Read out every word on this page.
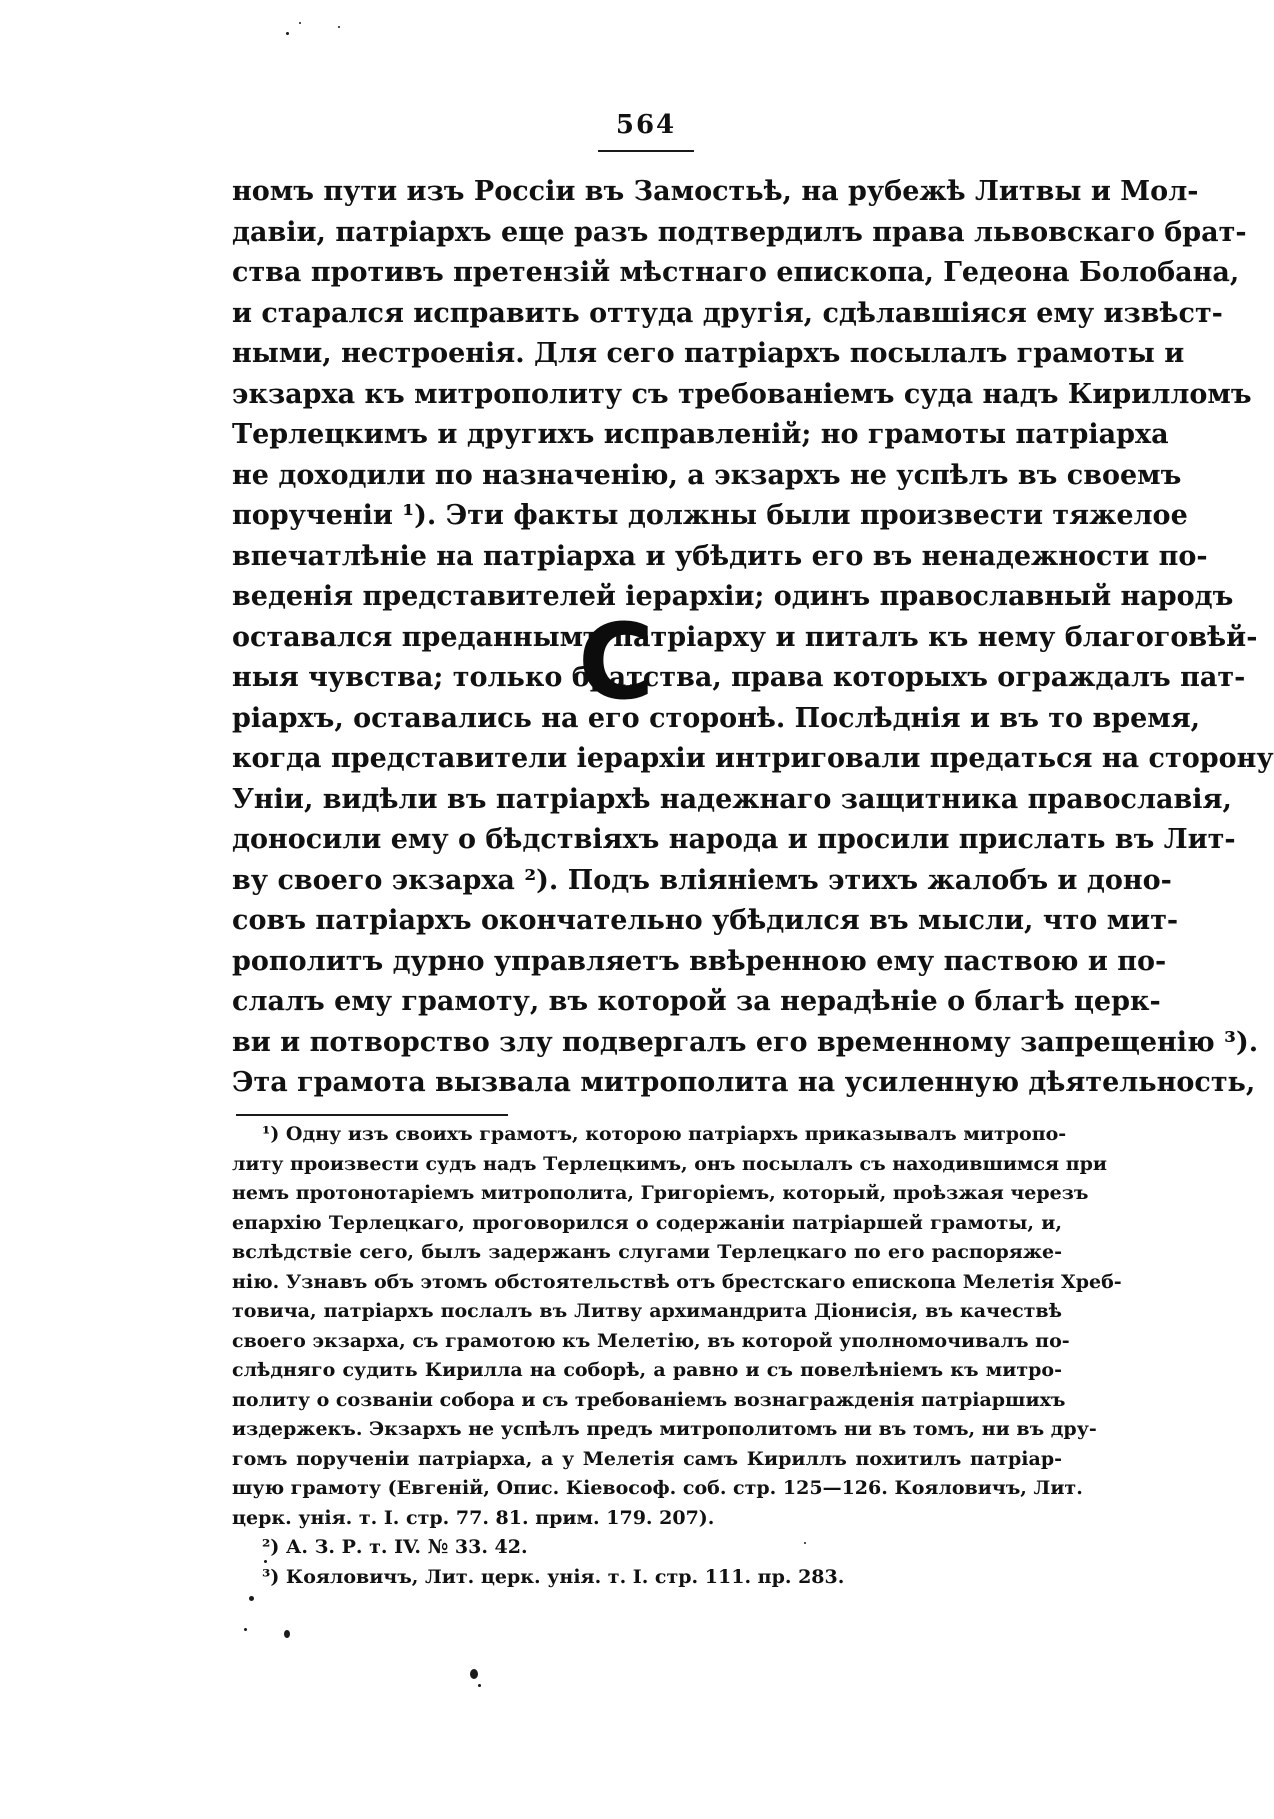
564
номъ пути изъ Россіи въ Замостьѣ, на рубежѣ Литвы и Мол-
давіи, патріархъ еще разъ подтвердилъ права львовскаго брат-
ства противъ претензій мѣстнаго епископа, Гедеона Болобана,
и старался исправить оттуда другія, сдѣлавшіяся ему извѣст-
ными, нестроенія. Для сего патріархъ посылалъ грамоты и
экзарха къ митрополиту съ требованіемъ суда надъ Кирилломъ
Терлецкимъ и другихъ исправленій; но грамоты патріарха
не доходили по назначенію, а экзархъ не успѣлъ въ своемъ
порученіи ¹). Эти факты должны были произвести тяжелое
впечатлѣніе на патріарха и убѣдить его въ ненадежности по-
веденія представителей іерархіи; одинъ православный народъ
оставался преданнымъ патріарху и питалъ къ нему благоговѣй-
ныя чувства; только братства, права которыхъ ограждалъ пат-
ріархъ, оставались на его сторонѣ. Послѣднія и въ то время,
когда представители іерархіи интриговали предаться на сторону
Уніи, видѣли въ патріархѣ надежнаго защитника православія,
доносили ему о бѣдствіяхъ народа и просили прислать въ Лит-
ву своего экзарха ²). Подъ вліяніемъ этихъ жалобъ и доно-
совъ патріархъ окончательно убѣдился въ мысли, что мит-
рополитъ дурно управляетъ ввѣренною ему паствою и по-
слалъ ему грамоту, въ которой за нерадѣніе о благѣ церк-
ви и потворство злу подвергалъ его временному запрещенію ³).
Эта грамота вызвала митрополита на усиленную дѣятельность,
C
¹) Одну изъ своихъ грамотъ, которою патріархъ приказывалъ митропо-
литу произвести судъ надъ Терлецкимъ, онъ посылалъ съ находившимся при
немъ протонотаріемъ митрополита, Григоріемъ, который, проѣзжая черезъ
епархію Терлецкаго, проговорился о содержаніи патріаршей грамоты, и,
вслѣдствіе сего, былъ задержанъ слугами Терлецкаго по его распоряже-
нію. Узнавъ объ этомъ обстоятельствѣ отъ брестскаго епископа Мелетія Хреб-
товича, патріархъ послалъ въ Литву архимандрита Діонисія, въ качествѣ
своего экзарха, съ грамотою къ Мелетію, въ которой уполномочивалъ по-
слѣдняго судить Кирилла на соборѣ, а равно и съ повелѣніемъ къ митро-
политу о созваніи собора и съ требованіемъ вознагражденія патріаршихъ
издержекъ. Экзархъ не успѣлъ предъ митрополитомъ ни въ томъ, ни въ дру-
гомъ порученіи патріарха, а у Мелетія самъ Кириллъ похитилъ патріар-
шую грамоту (Евгеній, Опис. Кіевософ. соб. стр. 125—126. Кояловичъ, Лит.
церк. унія. т. I. стр. 77. 81. прим. 179. 207).
²) А. З. Р. т. IV. № 33. 42.
³) Кояловичъ, Лит. церк. унія. т. I. стр. 111. пр. 283.
